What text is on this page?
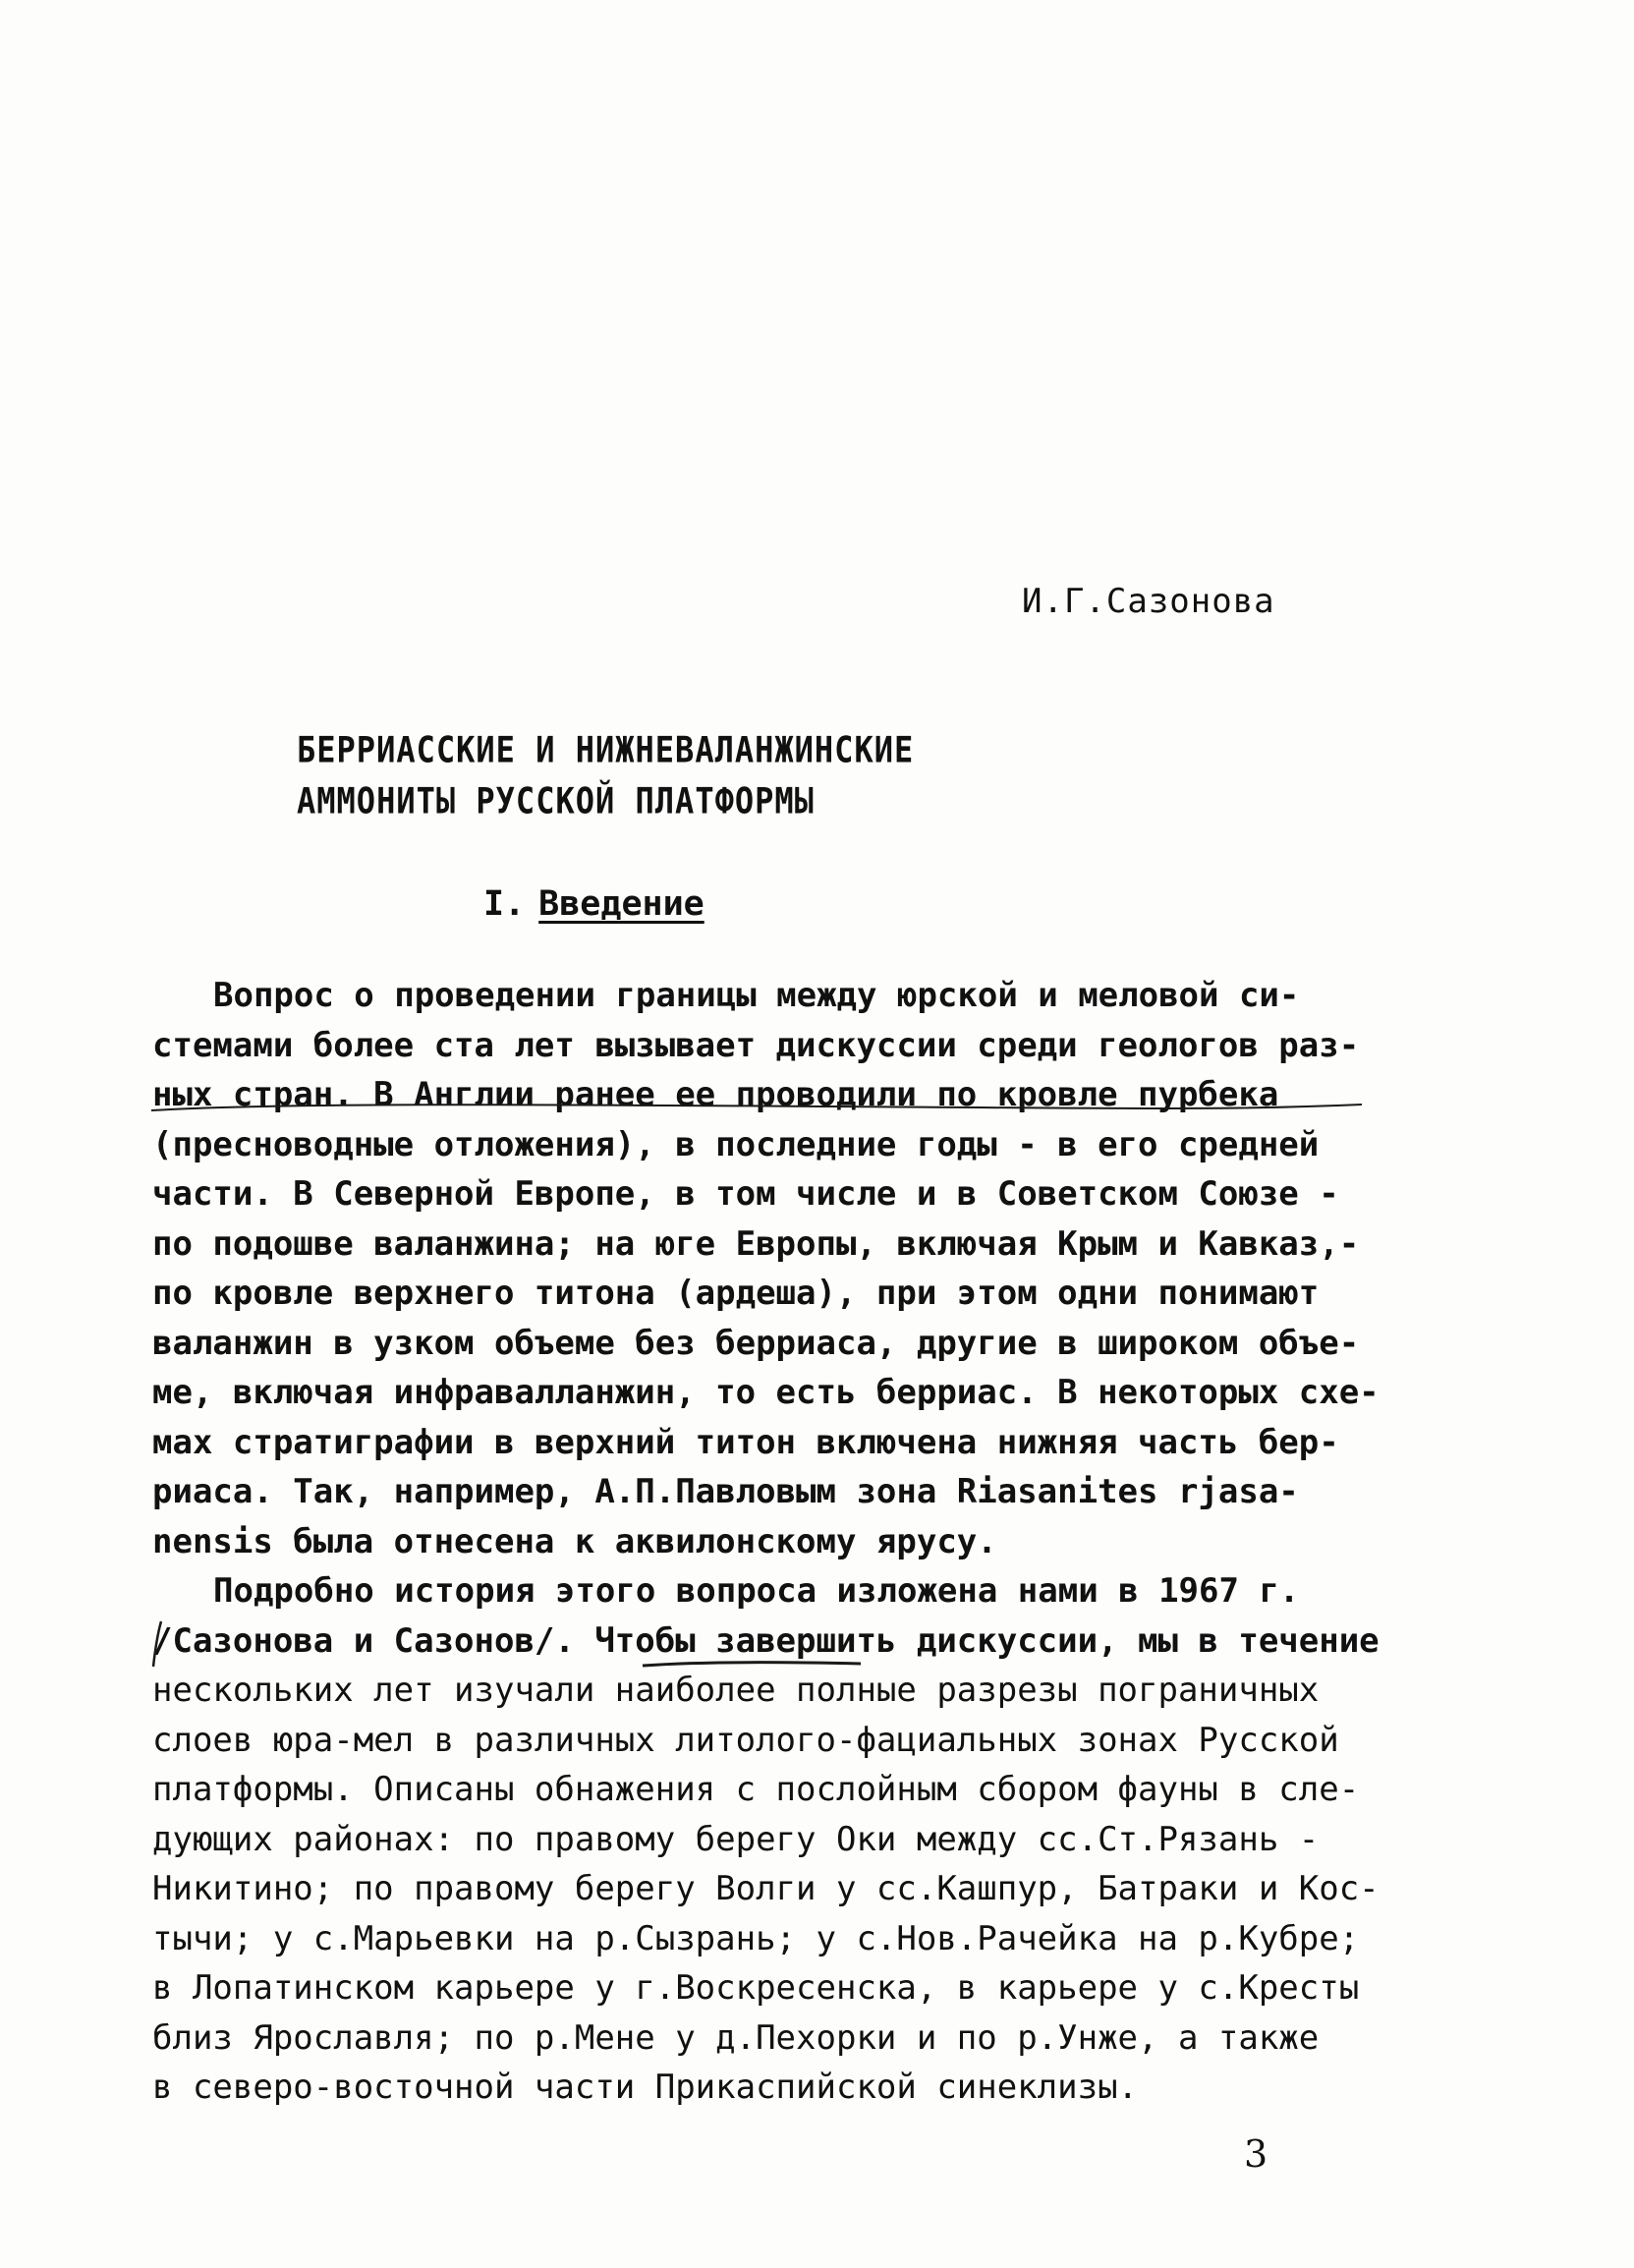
И.Г.Сазонова
БЕРРИАССКИЕ И НИЖНЕВАЛАНЖИНСКИЕ
АММОНИТЫ РУССКОЙ ПЛАТФОРМЫ
I. Введение
Вопрос о проведении границы между юрской и меловой си-
стемами более ста лет вызывает дискуссии среди геологов раз-
ных стран. В Англии ранее ее проводили по кровле пурбека
(пресноводные отложения), в последние годы - в его средней
части. В Северной Европе, в том числе и в Советском Союзе -
по подошве валанжина; на юге Европы, включая Крым и Кавказ,-
по кровле верхнего титона (ардеша), при этом одни понимают
валанжин в узком объеме без берриаса, другие в широком объе-
ме, включая инфравалланжин, то есть берриас. В некоторых схе-
мах стратиграфии в верхний титон включена нижняя часть бер-
риаса. Так, например, А.П.Павловым зона Riasanites rjasa-
nensis была отнесена к аквилонскому ярусу.
Подробно история этого вопроса изложена нами в 1967 г.
/Сазонова и Сазонов/. Чтобы завершить дискуссии, мы в течение
нескольких лет изучали наиболее полные разрезы пограничных
слоев юра-мел в различных литолого-фациальных зонах Русской
платформы. Описаны обнажения с послойным сбором фауны в сле-
дующих районах: по правому берегу Оки между сс.Ст.Рязань -
Никитино; по правому берегу Волги у сс.Кашпур, Батраки и Кос-
тычи; у с.Марьевки на р.Сызрань; у с.Нов.Рачейка на р.Кубре;
в Лопатинском карьере у г.Воскресенска, в карьере у с.Кресты
близ Ярославля; по р.Мене у д.Пехорки и по р.Унже, а также
в северо-восточной части Прикаспийской синеклизы.
3
